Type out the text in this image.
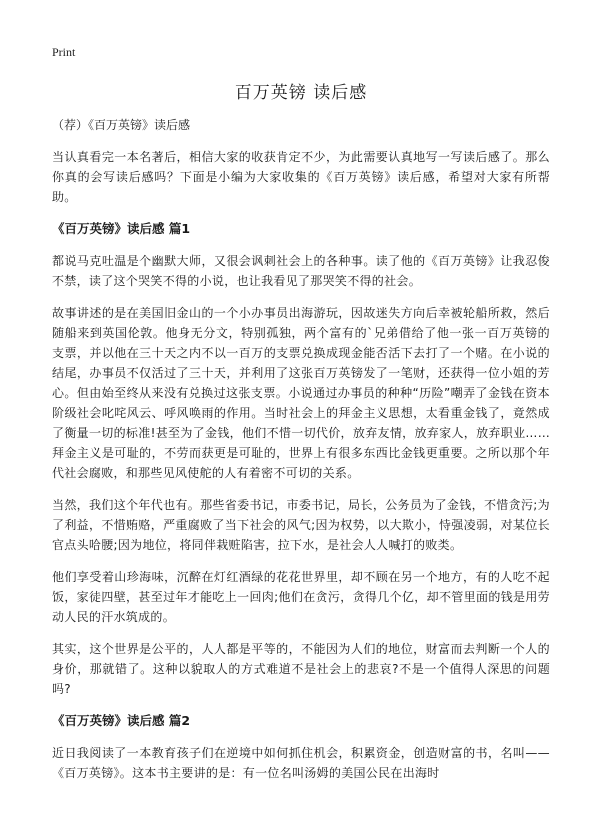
Print
百万英镑 读后感

（荐）《百万英镑》读后感

当认真看完一本名著后，相信大家的收获肯定不少，为此需要认真地写一写读后感了。那么你真的会写读后感吗？下面是小编为大家收集的《百万英镑》读后感，希望对大家有所帮助。

《百万英镑》读后感 篇1

都说马克吐温是个幽默大师，又很会讽刺社会上的各种事。读了他的《百万英镑》让我忍俊不禁，读了这个哭笑不得的小说，也让我看见了那哭笑不得的社会。

故事讲述的是在美国旧金山的一个小办事员出海游玩，因故迷失方向后幸被轮船所救，然后随船来到英国伦敦。他身无分文，特别孤独，两个富有的`兄弟借给了他一张一百万英镑的支票，并以他在三十天之内不以一百万的支票兑换成现金能否活下去打了一个赌。在小说的结尾，办事员不仅活过了三十天，并利用了这张百万英镑发了一笔财，还获得一位小姐的芳心。但由始至终从来没有兑换过这张支票。小说通过办事员的种种“历险”嘲弄了金钱在资本阶级社会叱咤风云、呼风唤雨的作用。当时社会上的拜金主义思想，太看重金钱了，竟然成了衡量一切的标准!甚至为了金钱，他们不惜一切代价，放弃友情，放弃家人，放弃职业……拜金主义是可耻的，不劳而获更是可耻的，世界上有很多东西比金钱更重要。之所以那个年代社会腐败，和那些见风使舵的人有着密不可切的关系。

当然，我们这个年代也有。那些省委书记，市委书记，局长，公务员为了金钱，不惜贪污;为了利益，不惜贿赂，严重腐败了当下社会的风气;因为权势，以大欺小，恃强凌弱，对某位长官点头哈腰;因为地位，将同伴栽赃陷害，拉下水，是社会人人喊打的败类。

他们享受着山珍海味，沉醉在灯红酒绿的花花世界里，却不顾在另一个地方，有的人吃不起饭，家徒四壁，甚至过年才能吃上一回肉;他们在贪污，贪得几个亿，却不管里面的钱是用劳动人民的汗水筑成的。

其实，这个世界是公平的，人人都是平等的，不能因为人们的地位，财富而去判断一个人的身价，那就错了。这种以貌取人的方式难道不是社会上的悲哀?不是一个值得人深思的问题吗?

《百万英镑》读后感 篇2

近日我阅读了一本教育孩子们在逆境中如何抓住机会，积累资金，创造财富的书，名叫——《百万英镑》。这本书主要讲的是：有一位名叫汤姆的美国公民在出海时
